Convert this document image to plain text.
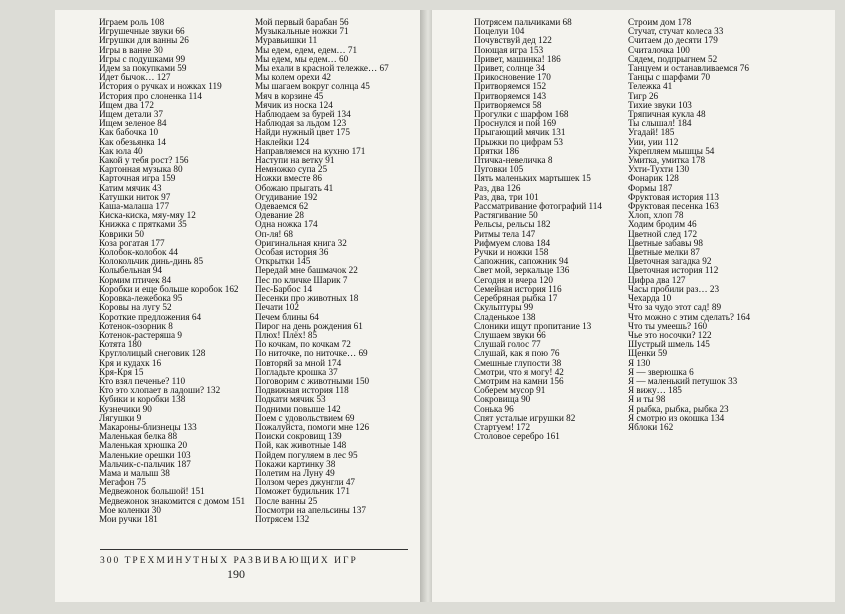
Играем роль 108
Игрушечные звуки 66
Игрушки для ванны 26
Игры в ванне 30
Игры с подушками 99
Идем за покупками 59
Идет бычок… 127
История о ручках и ножках 119
История про слоненка 114
Ищем два 172
Ищем детали 37
Ищем зеленое 84
Как бабочка 10
Как обезьянка 14
Как юла 40
Какой у тебя рост? 156
Картонная музыка 80
Карточная игра 159
Катим мячик 43
Катушки ниток 97
Каша-малаша 177
Киска-киска, мяу-мяу 12
Книжка с прятками 35
Коврики 50
Коза рогатая 177
Колобок-колобок 44
Колокольчик динь-динь 85
Колыбельная 94
Кормим птичек 84
Коробки и еще больше коробок 162
Коровка-лежебока 95
Коровы на лугу 52
Короткие предложения 64
Котенок-озорник 8
Котенок-растеряша 9
Котята 180
Круглолицый снеговик 128
Кря и кудахк 16
Кря-Кря 15
Кто взял печенье? 110
Кто это хлопает в ладоши? 132
Кубики и коробки 138
Кузнечики 90
Лягушки 9
Макароны-близнецы 133
Маленькая белка 88
Маленькая хрюшка 20
Маленькие орешки 103
Мальчик-с-пальчик 187
Мама и малыш 38
Мегафон 75
Медвежонок большой! 151
Медвежонок знакомится с домом 151
Мое коленки 30
Мои ручки 181
Мой первый барабан 56
Музыкальные ножки 71
Муравьишки 11
Мы едем, едем, едем… 71
Мы едем, мы едем… 60
Мы ехали в красной тележке… 67
Мы колем орехи 42
Мы шагаем вокруг солнца 45
Мяч в корзине 45
Мячик из носка 124
Наблюдаем за бурей 134
Наблюдая за льдом 123
Найди нужный цвет 175
Наклейки 124
Направляемся на кухню 171
Наступи на ветку 91
Немножко супа 25
Ножки вместе 86
Обожаю прыгать 41
Огудивание 192
Одеваемся 62
Одевание 28
Одна ножка 174
Оп-ля! 68
Оригинальная книга 32
Особая история 36
Открытки 145
Передай мне башмачок 22
Пес по кличке Шарик 7
Пес-Барбос 14
Песенки про животных 18
Печати 102
Печем блины 64
Пирог на день рождения 61
Плюх! Плёх! 85
По кочкам, по кочкам 72
По ниточке, по ниточке… 69
Повторяй за мной 174
Погладьте крошка 37
Поговорим с животными 150
Подвижная история 118
Подкати мячик 53
Подними повыше 142
Поем с удовольствием 69
Пожалуйста, помоги мне 126
Поиски сокровищ 139
Пой, как животные 148
Пойдем погуляем в лес 95
Покажи картинку 38
Полетим на Луну 49
Ползом через джунгли 47
Поможет будильник 171
После ванны 25
Посмотри на апельсины 137
Потрясем 132
300 ТРЕХМИНУТНЫХ РАЗВИВАЮЩИХ ИГР
190
Потрясем пальчиками 68
Поцелуи 104
Почувствуй дед 122
Поющая игра 153
Привет, машинка! 186
Привет, солнце 34
Прикосновение 170
Притворяемся 152
Притворяемся 143
Притворяемся 58
Прогулки с шарфом 168
Проснулся и пой 169
Прыгающий мячик 131
Прыжки по цифрам 53
Прятки 186
Птичка-невеличка 8
Пуговки 105
Пять маленьких мартышек 15
Раз, два 126
Раз, два, три 101
Рассматривание фотографий 114
Растягивание 50
Рельсы, рельсы 182
Ритмы тела 147
Рифмуем слова 184
Ручки и ножки 158
Сапожник, сапожник 94
Свет мой, зеркальце 136
Сегодня и вчера 120
Семейная история 116
Серебряная рыбка 17
Скульптуры 99
Сладенькое 138
Слоники ищут пропитание 13
Слушаем звуки 66
Слушай голос 77
Слушай, как я пою 76
Смешные глупости 38
Смотри, что я могу! 42
Смотрим на камни 156
Соберем мусор 91
Сокровища 90
Сонька 96
Спят усталые игрушки 82
Стартуем! 172
Столовое серебро 161
Строим дом 178
Стучат, стучат колеса 33
Считаем до десяти 179
Считалочка 100
Сядем, подпрыгнем 52
Танцуем и останавливаемся 76
Танцы с шарфами 70
Тележка 41
Тигр 26
Тихие звуки 103
Тряпичная кукла 48
Ты слышал! 184
Угадай! 185
Уии, уии 112
Укрепляем мышцы 54
Умитка, умитка 178
Ухти-Тухти 130
Фонарик 128
Формы 187
Фруктовая история 113
Фруктовая песенка 163
Хлоп, хлоп 78
Ходим бродим 46
Цветной след 172
Цветные забавы 98
Цветные мелки 87
Цветочная загадка 92
Цветочная история 112
Цифра два 127
Часы пробили раз… 23
Чехарда 10
Что за чудо этот сад! 89
Что можно с этим сделать? 164
Что ты умеешь? 160
Чье это носочки? 122
Шустрый шмель 145
Щенки 59
Я 130
Я — зверюшка 6
Я — маленький петушок 33
Я вижу… 185
Я и ты 98
Я рыбка, рыбка, рыбка 23
Я смотрю из окошка 134
Яблоки 162
